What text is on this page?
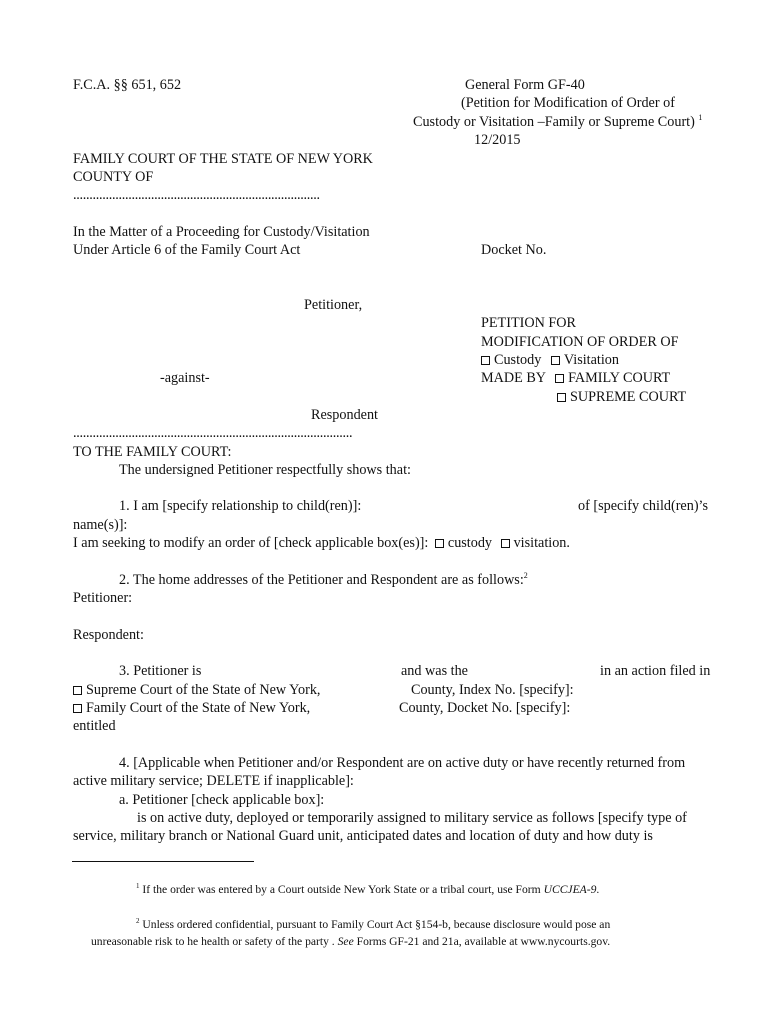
F.C.A. §§ 651, 652	General Form GF-40
(Petition for Modification of Order of
Custody or Visitation –Family or Supreme Court) $^1$
12/2015
FAMILY COURT OF THE STATE OF NEW YORK
COUNTY OF
............................................................................
In the Matter of a Proceeding for Custody/Visitation
Under Article 6 of the Family Court Act	Docket No.
Petitioner,
-against-
Respondent
......................................................................................
PETITION FOR
MODIFICATION OF ORDER OF
Custody Visitation
MADE BY FAMILY COURT
SUPREME COURT
TO THE FAMILY COURT:
The undersigned Petitioner respectfully shows that:
1. I am [specify relationship to child(ren)]:	of [specify child(ren)’s
name(s)]:
I am seeking to modify an order of [check applicable box(es)]: custody visitation.
2. The home addresses of the Petitioner and Respondent are as follows:$^2$
Petitioner:
Respondent:
3. Petitioner is	and was the	in an action filed in
Supreme Court of the State of New York,	County, Index No. [specify]:
Family Court of the State of New York,	County, Docket No. [specify]:
entitled
4. [Applicable when Petitioner and/or Respondent are on active duty or have recently returned from
active military service; DELETE if inapplicable]:
a. Petitioner [check applicable box]:
is on active duty, deployed or temporarily assigned to military service as follows [specify type of
service, military branch or National Guard unit, anticipated dates and location of duty and how duty is
$^1$ If the order was entered by a Court outside New York State or a tribal court, use Form UCCJEA-9.
$^2$ Unless ordered confidential, pursuant to Family Court Act §154-b, because disclosure would pose an
unreasonable risk to he health or safety of the party . See Forms GF-21 and 21a, available at www.nycourts.gov.
